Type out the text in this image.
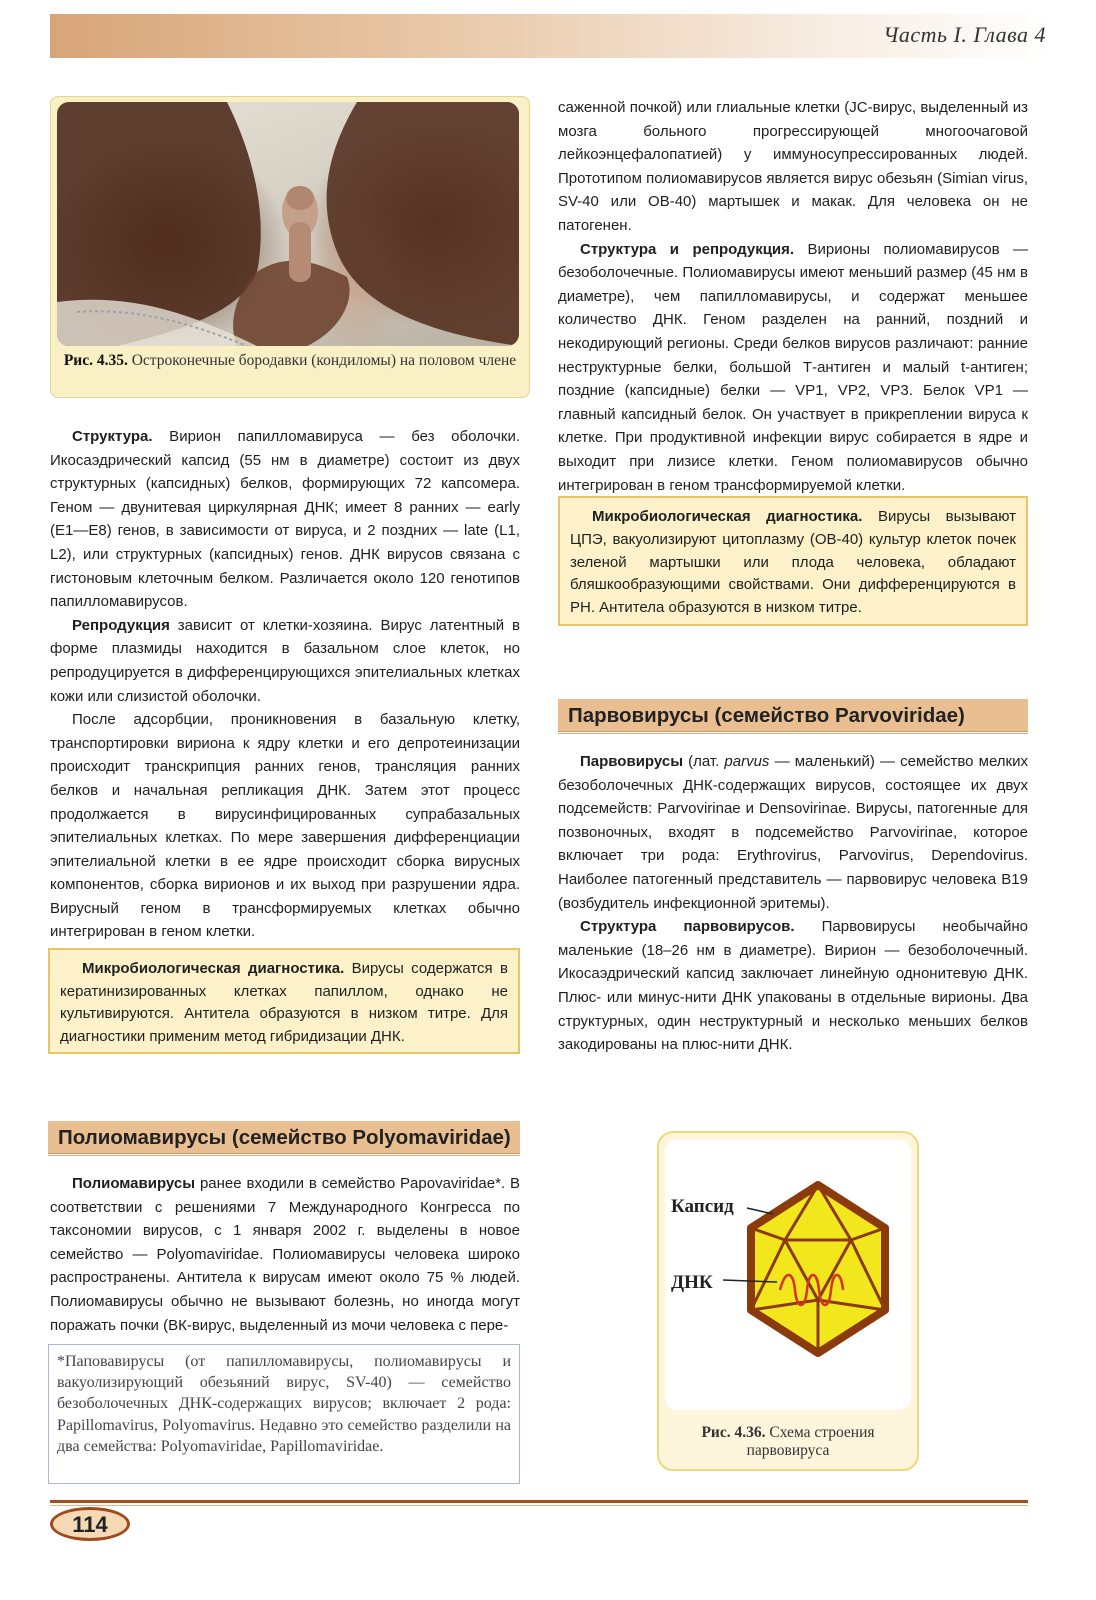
Часть I. Глава 4
Рис. 4.35. Остроконечные бородавки (кондиломы) на половом члене

Структура. Вирион папилломавируса — без оболочки. Икосаэдрический капсид (55 нм в диаметре) состоит из двух структурных (капсидных) белков, формирующих 72 капсомера. Геном — двунитевая циркулярная ДНК; имеет 8 ранних — early (E1—E8) генов, в зависимости от вируса, и 2 поздних — late (L1, L2), или структурных (капсидных) генов. ДНК вирусов связана с гистоновым клеточным белком. Различается около 120 генотипов папилломавирусов.

Репродукция зависит от клетки-хозяина. Вирус латентный в форме плазмиды находится в базальном слое клеток, но репродуцируется в дифференцирующихся эпителиальных клетках кожи или слизистой оболочки.

После адсорбции, проникновения в базальную клетку, транспортировки вириона к ядру клетки и его депротеинизации происходит транскрипция ранних генов, трансляция ранних белков и начальная репликация ДНК. Затем этот процесс продолжается в вирусинфицированных супрабазальных эпителиальных клетках. По мере завершения дифференциации эпителиальной клетки в ее ядре происходит сборка вирусных компонентов, сборка вирионов и их выход при разрушении ядра. Вирусный геном в трансформируемых клетках обычно интегрирован в геном клетки.

Микробиологическая диагностика. Вирусы содержатся в кератинизированных клетках папиллом, однако не культивируются. Антитела образуются в низком титре. Для диагностики применим метод гибридизации ДНК.

Полиомавирусы (семейство Polyomaviridae)

Полиомавирусы ранее входили в семейство Papovaviridae*. В соответствии с решениями 7 Международного Конгресса по таксономии вирусов, с 1 января 2002 г. выделены в новое семейство — Polyomaviridae. Полиомавирусы человека широко распространены. Антитела к вирусам имеют около 75 % людей. Полиомавирусы обычно не вызывают болезнь, но иногда могут поражать почки (ВК-вирус, выделенный из мочи человека с пере-

*Паповавирусы (от папилломавирусы, полиомавирусы и вакуолизирующий обезьяний вирус, SV-40) — семейство безоболочечных ДНК-содержащих вирусов; включает 2 рода: Papillomavirus, Polyomavirus. Недавно это семейство разделили на два семейства: Polyomaviridae, Papillomaviridae.

саженной почкой) или глиальные клетки (JC-вирус, выделенный из мозга больного прогрессирующей многоочаговой лейкоэнцефалопатией) у иммуносупрессированных людей. Прототипом полиомавирусов является вирус обезьян (Simian virus, SV-40 или OB-40) мартышек и макак. Для человека он не патогенен.

Структура и репродукция. Вирионы полиомавирусов — безоболочечные. Полиомавирусы имеют меньший размер (45 нм в диаметре), чем папилломавирусы, и содержат меньшее количество ДНК. Геном разделен на ранний, поздний и некодирующий регионы. Среди белков вирусов различают: ранние неструктурные белки, большой Т-антиген и малый t-антиген; поздние (капсидные) белки — VP1, VP2, VP3. Белок VP1 — главный капсидный белок. Он участвует в прикреплении вируса к клетке. При продуктивной инфекции вирус собирается в ядре и выходит при лизисе клетки. Геном полиомавирусов обычно интегрирован в геном трансформируемой клетки.

Микробиологическая диагностика. Вирусы вызывают ЦПЭ, вакуолизируют цитоплазму (OB-40) культур клеток почек зеленой мартышки или плода человека, обладают бляшкообразующими свойствами. Они дифференцируются в РН. Антитела образуются в низком титре.

Парвовирусы (семейство Parvoviridae)

Парвовирусы (лат. parvus — маленький) — семейство мелких безоболочечных ДНК-содержащих вирусов, состоящее их двух подсемейств: Parvovirinae и Densovirinae. Вирусы, патогенные для позвоночных, входят в подсемейство Parvovirinae, которое включает три рода: Erythrovirus, Parvovirus, Dependovirus. Наиболее патогенный представитель — парвовирус человека B19 (возбудитель инфекционной эритемы).

Структура парвовирусов. Парвовирусы необычайно маленькие (18–26 нм в диаметре). Вирион — безоболочечный. Икосаэдрический капсид заключает линейную однонитевую ДНК. Плюс- или минус-нити ДНК упакованы в отдельные вирионы. Два структурных, один неструктурный и несколько меньших белков закодированы на плюс-нити ДНК.

Капсид
ДНК
Рис. 4.36. Схема строения парвовируса
114
